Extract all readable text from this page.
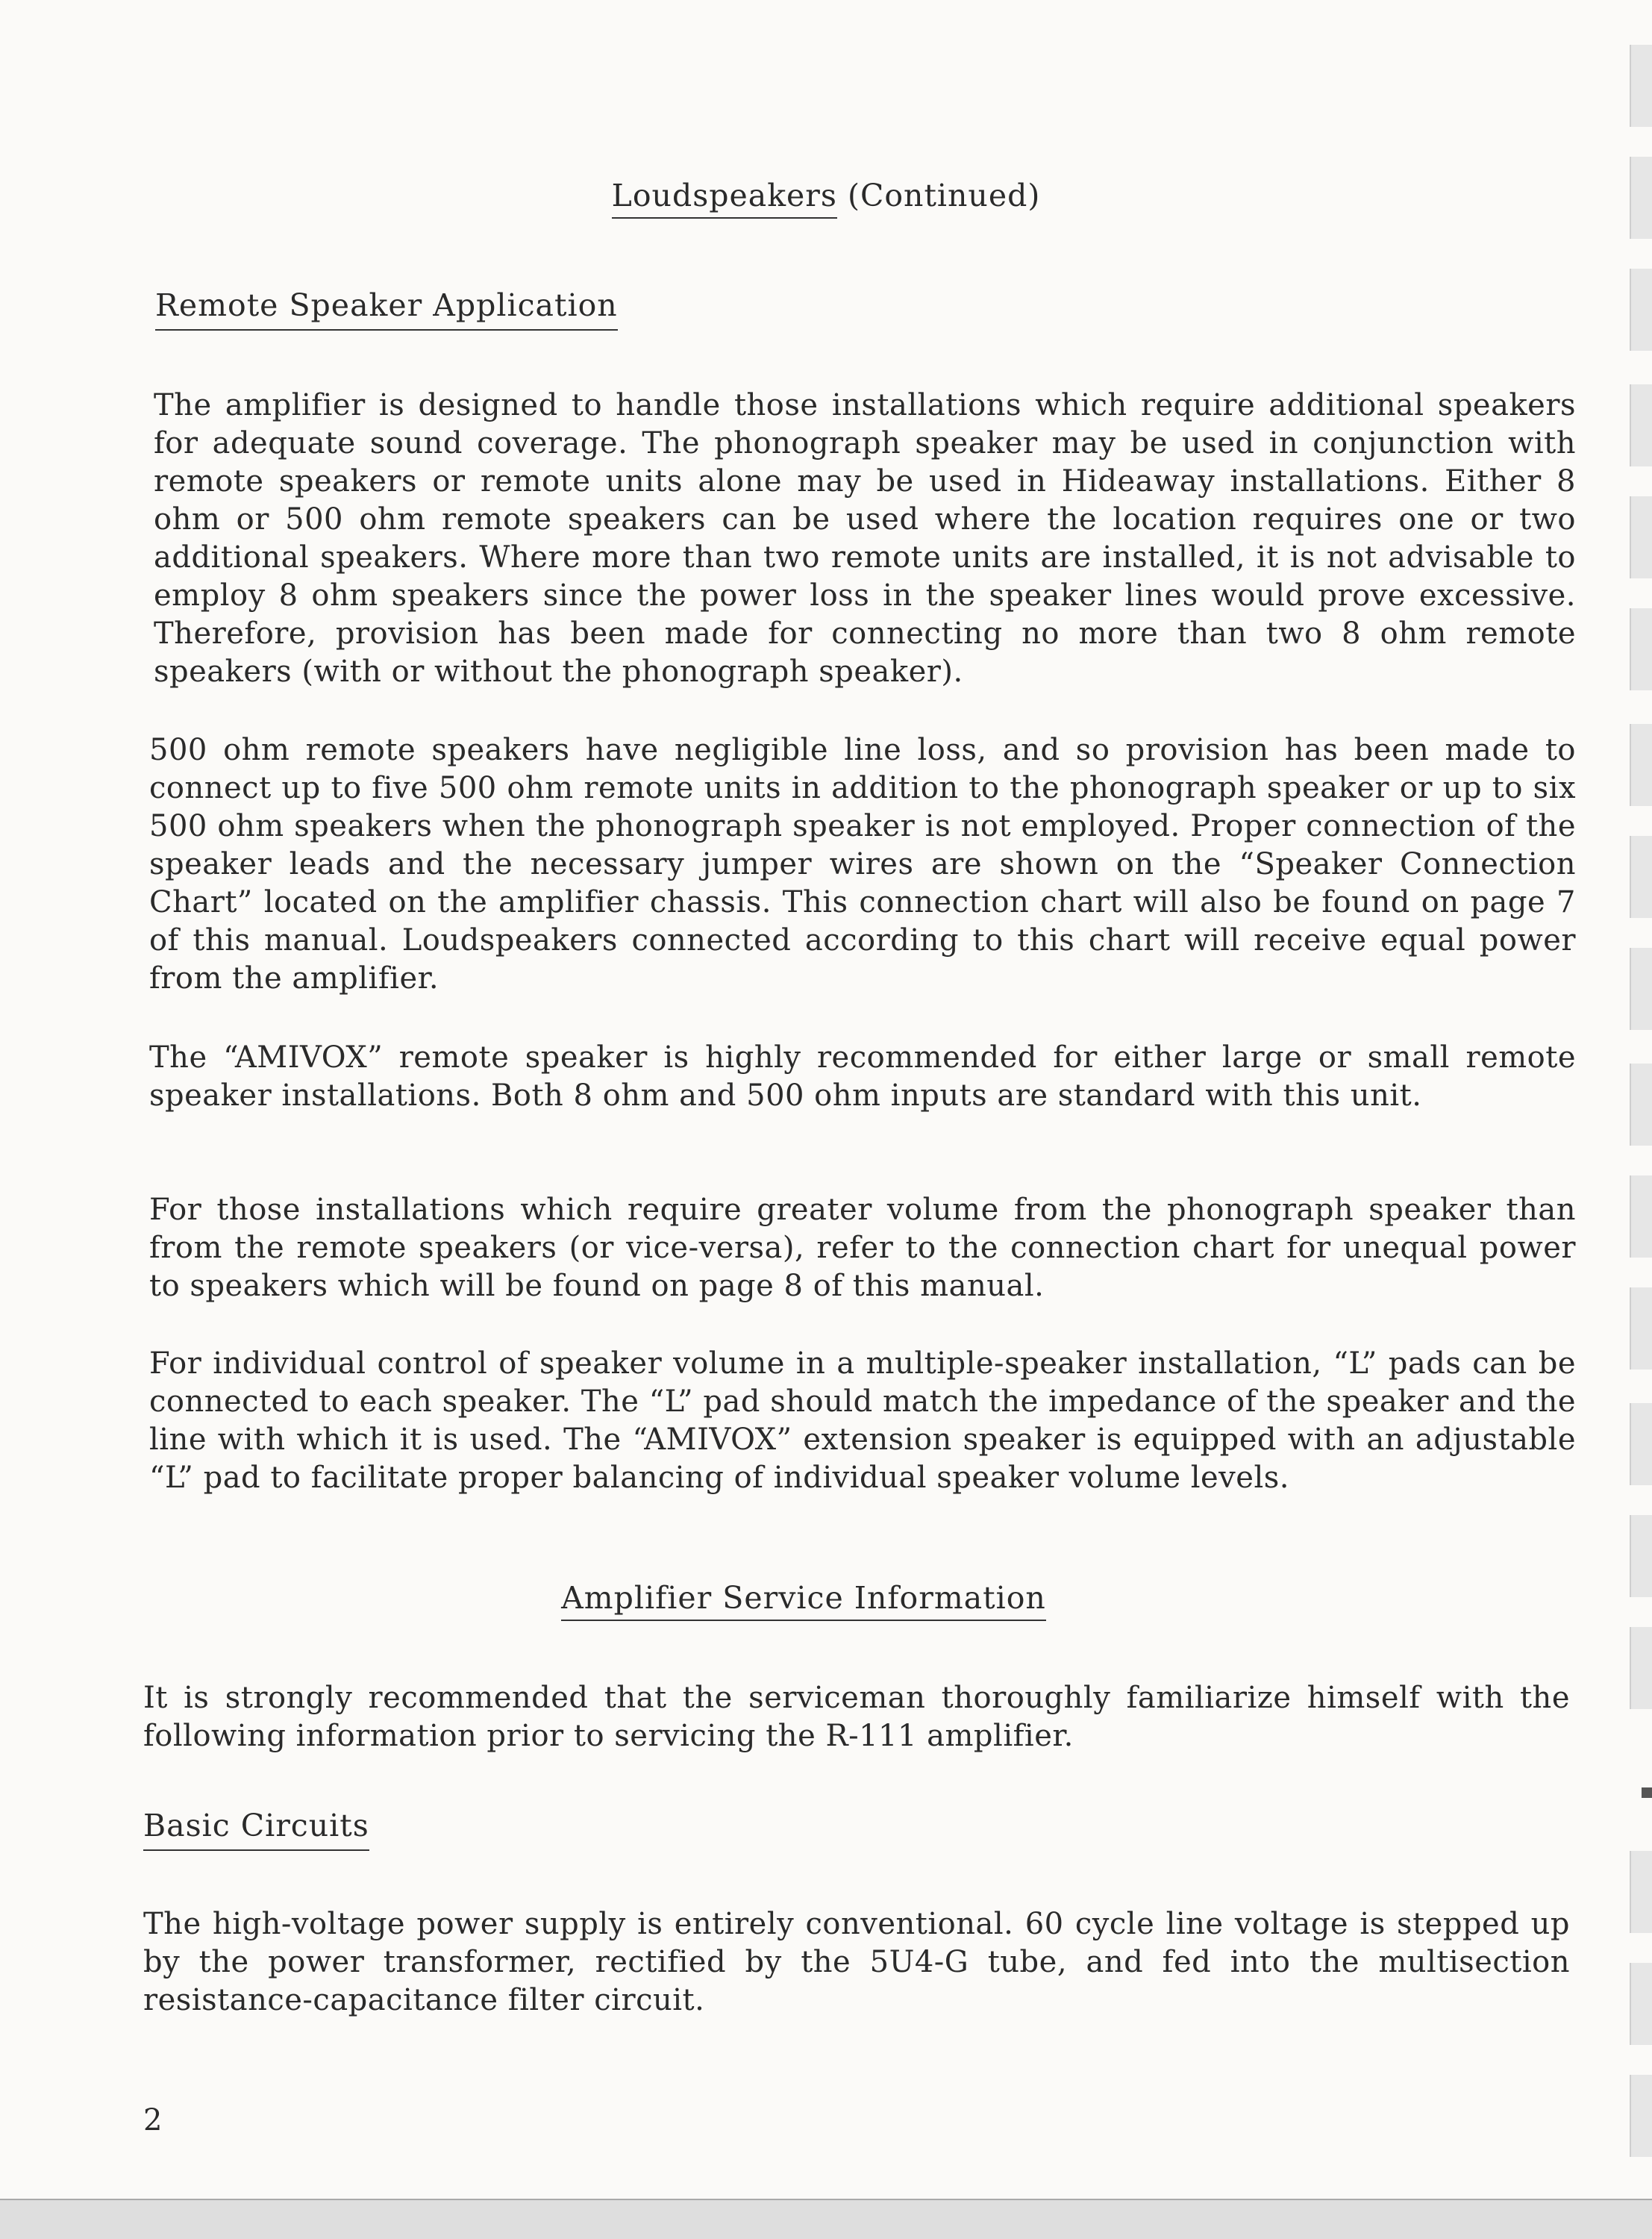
Loudspeakers (Continued)
Remote Speaker Application

The amplifier is designed to handle those installations which require additional speakers for adequate sound coverage. The phonograph speaker may be used in conjunction with remote speakers or remote units alone may be used in Hideaway installations. Either 8 ohm or 500 ohm remote speakers can be used where the location requires one or two additional speakers. Where more than two remote units are installed, it is not advisable to employ 8 ohm speakers since the power loss in the speaker lines would prove excessive. Therefore, provision has been made for connecting no more than two 8 ohm remote speakers (with or without the phonograph speaker).

500 ohm remote speakers have negligible line loss, and so provision has been made to connect up to five 500 ohm remote units in addition to the phonograph speaker or up to six 500 ohm speakers when the phonograph speaker is not employed. Proper connection of the speaker leads and the necessary jumper wires are shown on the “Speaker Connection Chart” located on the amplifier chassis. This connection chart will also be found on page 7 of this manual. Loudspeakers connected according to this chart will receive equal power from the amplifier.

The “AMIVOX” remote speaker is highly recommended for either large or small remote speaker installations. Both 8 ohm and 500 ohm inputs are standard with this unit.

For those installations which require greater volume from the phonograph speaker than from the remote speakers (or vice-versa), refer to the connection chart for unequal power to speakers which will be found on page 8 of this manual.

For individual control of speaker volume in a multiple-speaker installation, “L” pads can be connected to each speaker. The “L” pad should match the impedance of the speaker and the line with which it is used. The “AMIVOX” extension speaker is equipped with an adjustable “L” pad to facilitate proper balancing of individual speaker volume levels.

Amplifier Service Information

It is strongly recommended that the serviceman thoroughly familiarize himself with the following information prior to servicing the R-111 amplifier.

Basic Circuits

The high-voltage power supply is entirely conventional. 60 cycle line voltage is stepped up by the power transformer, rectified by the 5U4-G tube, and fed into the multisection resistance-capacitance filter circuit.

2
